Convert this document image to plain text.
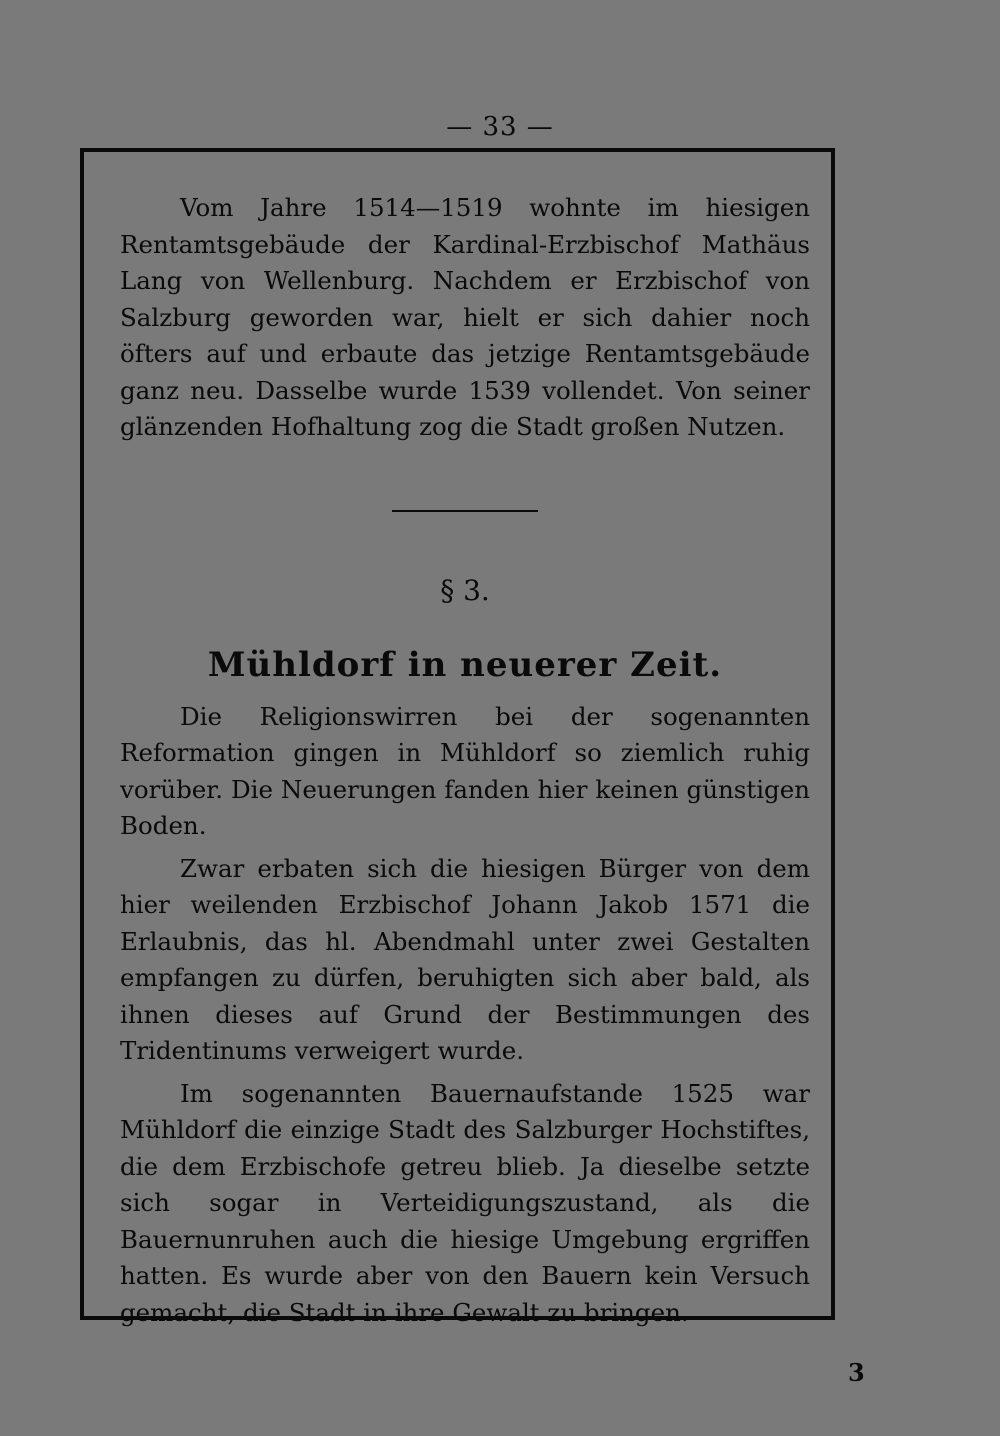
— 33 —

Vom Jahre 1514—1519 wohnte im hiesigen Rentamtsgebäude der Kardinal-Erzbischof Mathäus Lang von Wellenburg. Nachdem er Erzbischof von Salzburg geworden war, hielt er sich dahier noch öfters auf und erbaute das jetzige Rentamtsgebäude ganz neu. Dasselbe wurde 1539 vollendet. Von seiner glänzenden Hofhaltung zog die Stadt großen Nutzen.

§ 3.
Mühldorf in neuerer Zeit.

Die Religionswirren bei der sogenannten Reformation gingen in Mühldorf so ziemlich ruhig vorüber. Die Neuerungen fanden hier keinen günstigen Boden.

Zwar erbaten sich die hiesigen Bürger von dem hier weilenden Erzbischof Johann Jakob 1571 die Erlaubnis, das hl. Abendmahl unter zwei Gestalten empfangen zu dürfen, beruhigten sich aber bald, als ihnen dieses auf Grund der Bestimmungen des Tridentinums verweigert wurde.

Im sogenannten Bauernaufstande 1525 war Mühldorf die einzige Stadt des Salzburger Hochstiftes, die dem Erzbischofe getreu blieb. Ja dieselbe setzte sich sogar in Verteidigungszustand, als die Bauernunruhen auch die hiesige Umgebung ergriffen hatten. Es wurde aber von den Bauern kein Versuch gemacht, die Stadt in ihre Gewalt zu bringen.

3
